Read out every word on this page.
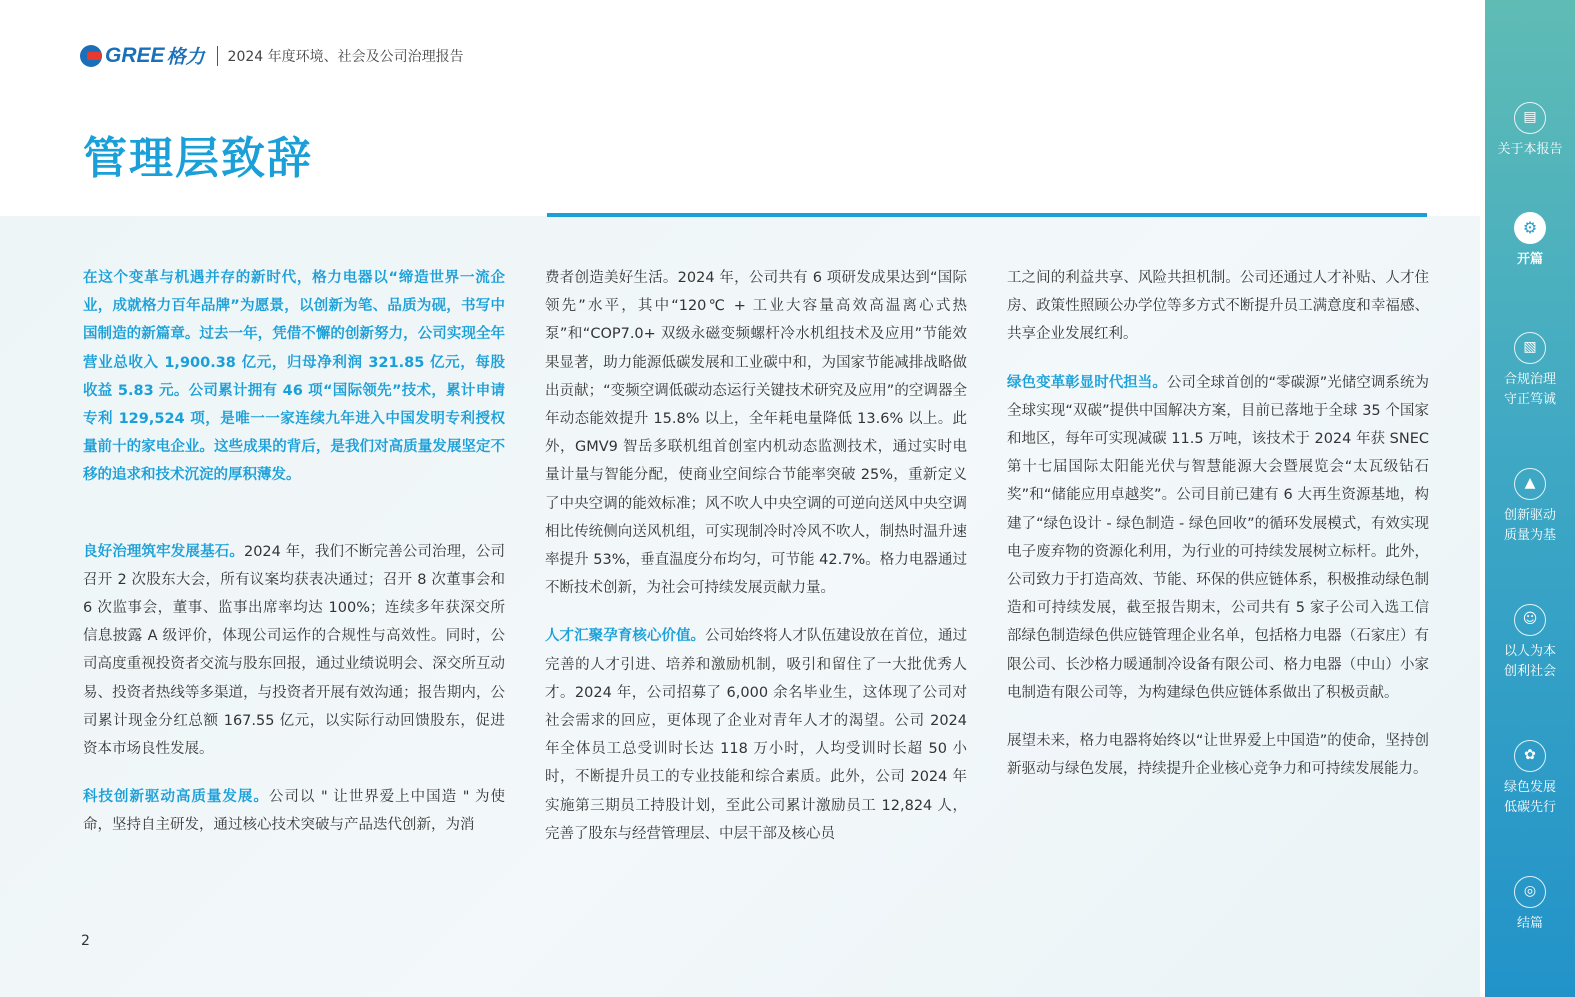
GREE 格力 2024 年度环境、社会及公司治理报告
管理层致辞

在这个变革与机遇并存的新时代，格力电器以“缔造世界一流企业，成就格力百年品牌”为愿景，以创新为笔、品质为砚，书写中国制造的新篇章。过去一年，凭借不懈的创新努力，公司实现全年营业总收入 1,900.38 亿元，归母净利润 321.85 亿元，每股收益 5.83 元。公司累计拥有 46 项“国际领先”技术，累计申请专利 129,524 项，是唯一一家连续九年进入中国发明专利授权量前十的家电企业。这些成果的背后，是我们对高质量发展坚定不移的追求和技术沉淀的厚积薄发。

良好治理筑牢发展基石。2024 年，我们不断完善公司治理，公司召开 2 次股东大会，所有议案均获表决通过；召开 8 次董事会和 6 次监事会，董事、监事出席率均达 100%；连续多年获深交所信息披露 A 级评价，体现公司运作的合规性与高效性。同时，公司高度重视投资者交流与股东回报，通过业绩说明会、深交所互动易、投资者热线等多渠道，与投资者开展有效沟通；报告期内，公司累计现金分红总额 167.55 亿元，以实际行动回馈股东，促进资本市场良性发展。

科技创新驱动高质量发展。公司以 " 让世界爱上中国造 " 为使命，坚持自主研发，通过核心技术突破与产品迭代创新，为消

费者创造美好生活。2024 年，公司共有 6 项研发成果达到“国际领先”水平，其中“120℃ + 工业大容量高效高温离心式热泵”和“COP7.0+ 双级永磁变频螺杆冷水机组技术及应用”节能效果显著，助力能源低碳发展和工业碳中和，为国家节能减排战略做出贡献；“变频空调低碳动态运行关键技术研究及应用”的空调器全年动态能效提升 15.8% 以上，全年耗电量降低 13.6% 以上。此外，GMV9 智岳多联机组首创室内机动态监测技术，通过实时电量计量与智能分配，使商业空间综合节能率突破 25%，重新定义了中央空调的能效标准；风不吹人中央空调的可逆向送风中央空调相比传统侧向送风机组，可实现制冷时冷风不吹人，制热时温升速率提升 53%，垂直温度分布均匀，可节能 42.7%。格力电器通过不断技术创新，为社会可持续发展贡献力量。

人才汇聚孕育核心价值。公司始终将人才队伍建设放在首位，通过完善的人才引进、培养和激励机制，吸引和留住了一大批优秀人才。2024 年，公司招募了 6,000 余名毕业生，这体现了公司对社会需求的回应，更体现了企业对青年人才的渴望。公司 2024 年全体员工总受训时长达 118 万小时，人均受训时长超 50 小时，不断提升员工的专业技能和综合素质。此外，公司 2024 年实施第三期员工持股计划，至此公司累计激励员工 12,824 人，完善了股东与经营管理层、中层干部及核心员

工之间的利益共享、风险共担机制。公司还通过人才补贴、人才住房、政策性照顾公办学位等多方式不断提升员工满意度和幸福感、共享企业发展红利。

绿色变革彰显时代担当。公司全球首创的“零碳源”光储空调系统为全球实现“双碳”提供中国解决方案，目前已落地于全球 35 个国家和地区，每年可实现减碳 11.5 万吨，该技术于 2024 年获 SNEC 第十七届国际太阳能光伏与智慧能源大会暨展览会“太瓦级钻石奖”和“储能应用卓越奖”。公司目前已建有 6 大再生资源基地，构建了“绿色设计 - 绿色制造 - 绿色回收”的循环发展模式，有效实现电子废弃物的资源化利用，为行业的可持续发展树立标杆。此外，公司致力于打造高效、节能、环保的供应链体系，积极推动绿色制造和可持续发展，截至报告期末，公司共有 5 家子公司入选工信部绿色制造绿色供应链管理企业名单，包括格力电器（石家庄）有限公司、长沙格力暖通制冷设备有限公司、格力电器（中山）小家电制造有限公司等，为构建绿色供应链体系做出了积极贡献。

展望未来，格力电器将始终以“让世界爱上中国造”的使命，坚持创新驱动与绿色发展，持续提升企业核心竞争力和可持续发展能力。

2
▤
关于本报告
⚙
开篇
▧
合规治理
守正笃诚
▲
创新驱动
质量为基
☺
以人为本
创利社会
✿
绿色发展
低碳先行
◎
结篇
